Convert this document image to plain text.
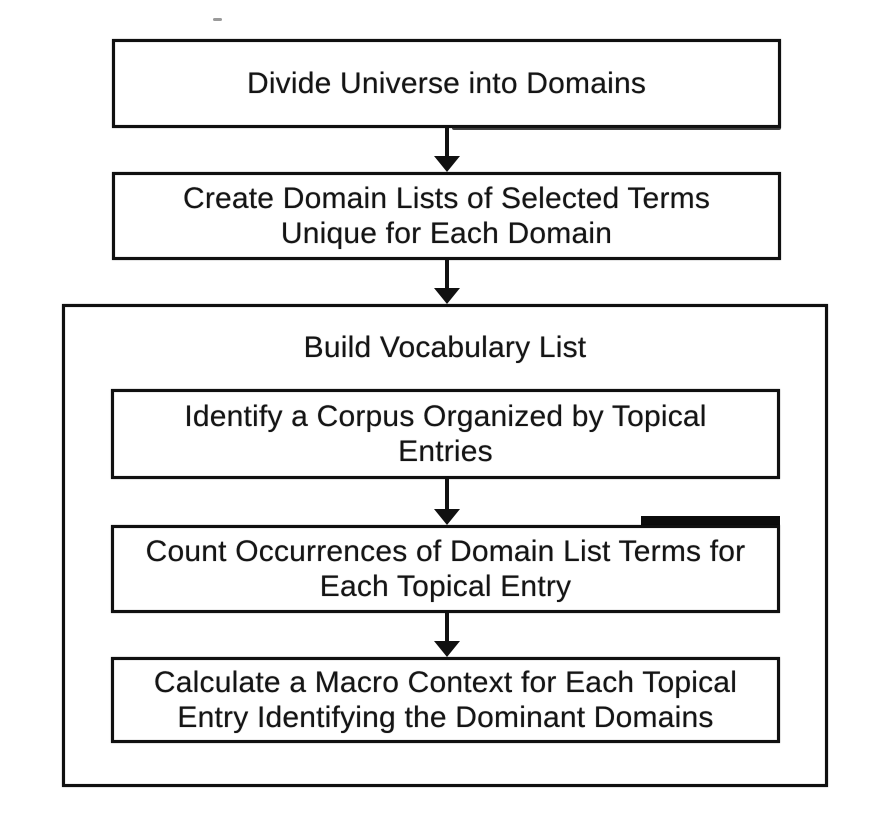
Divide Universe into Domains
Create Domain Lists of Selected Terms
Unique for Each Domain
Build Vocabulary List
Identify a Corpus Organized by Topical
Entries
Count Occurrences of Domain List Terms for
Each Topical Entry
Calculate a Macro Context for Each Topical
Entry Identifying the Dominant Domains
